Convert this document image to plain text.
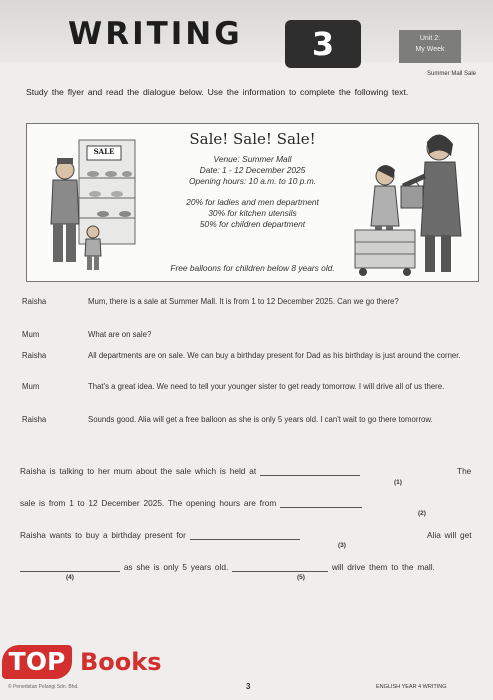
WRITING	3	Unit 2:
My Week
Summer Mall Sale
Study the flyer and read the dialogue below. Use the information to complete the following text.
SALE
Sale! Sale! Sale!
Venue: Summer Mall
Date: 1 - 12 December 2025
Opening hours: 10 a.m. to 10 p.m.
20% for ladies and men department
30% for kitchen utensils
50% for children department
Free balloons for children below 8 years old.
Raisha	Mum, there is a sale at Summer Mall. It is from 1 to 12 December 2025. Can we go there?
Mum	What are on sale?
Raisha	All departments are on sale. We can buy a birthday present for Dad as his birthday is just around the corner.
Mum	That's a great idea. We need to tell your younger sister to get ready tomorrow. I will drive all of us there.
Raisha	Sounds good. Alia will get a free balloon as she is only 5 years old. I can't wait to go there tomorrow.
Raisha is talking to her mum about the sale which is held at	The
(1)
sale is from 1 to 12 December 2025. The opening hours are from
(2)
Raisha wants to buy a birthday present for	Alia will get
(3)
as she is only 5 years old.	will drive them to the mall.
(4)	(5)
TOP Books
© Penerbitan Pelangi Sdn. Bhd.	3	ENGLISH YEAR 4 WRITING
